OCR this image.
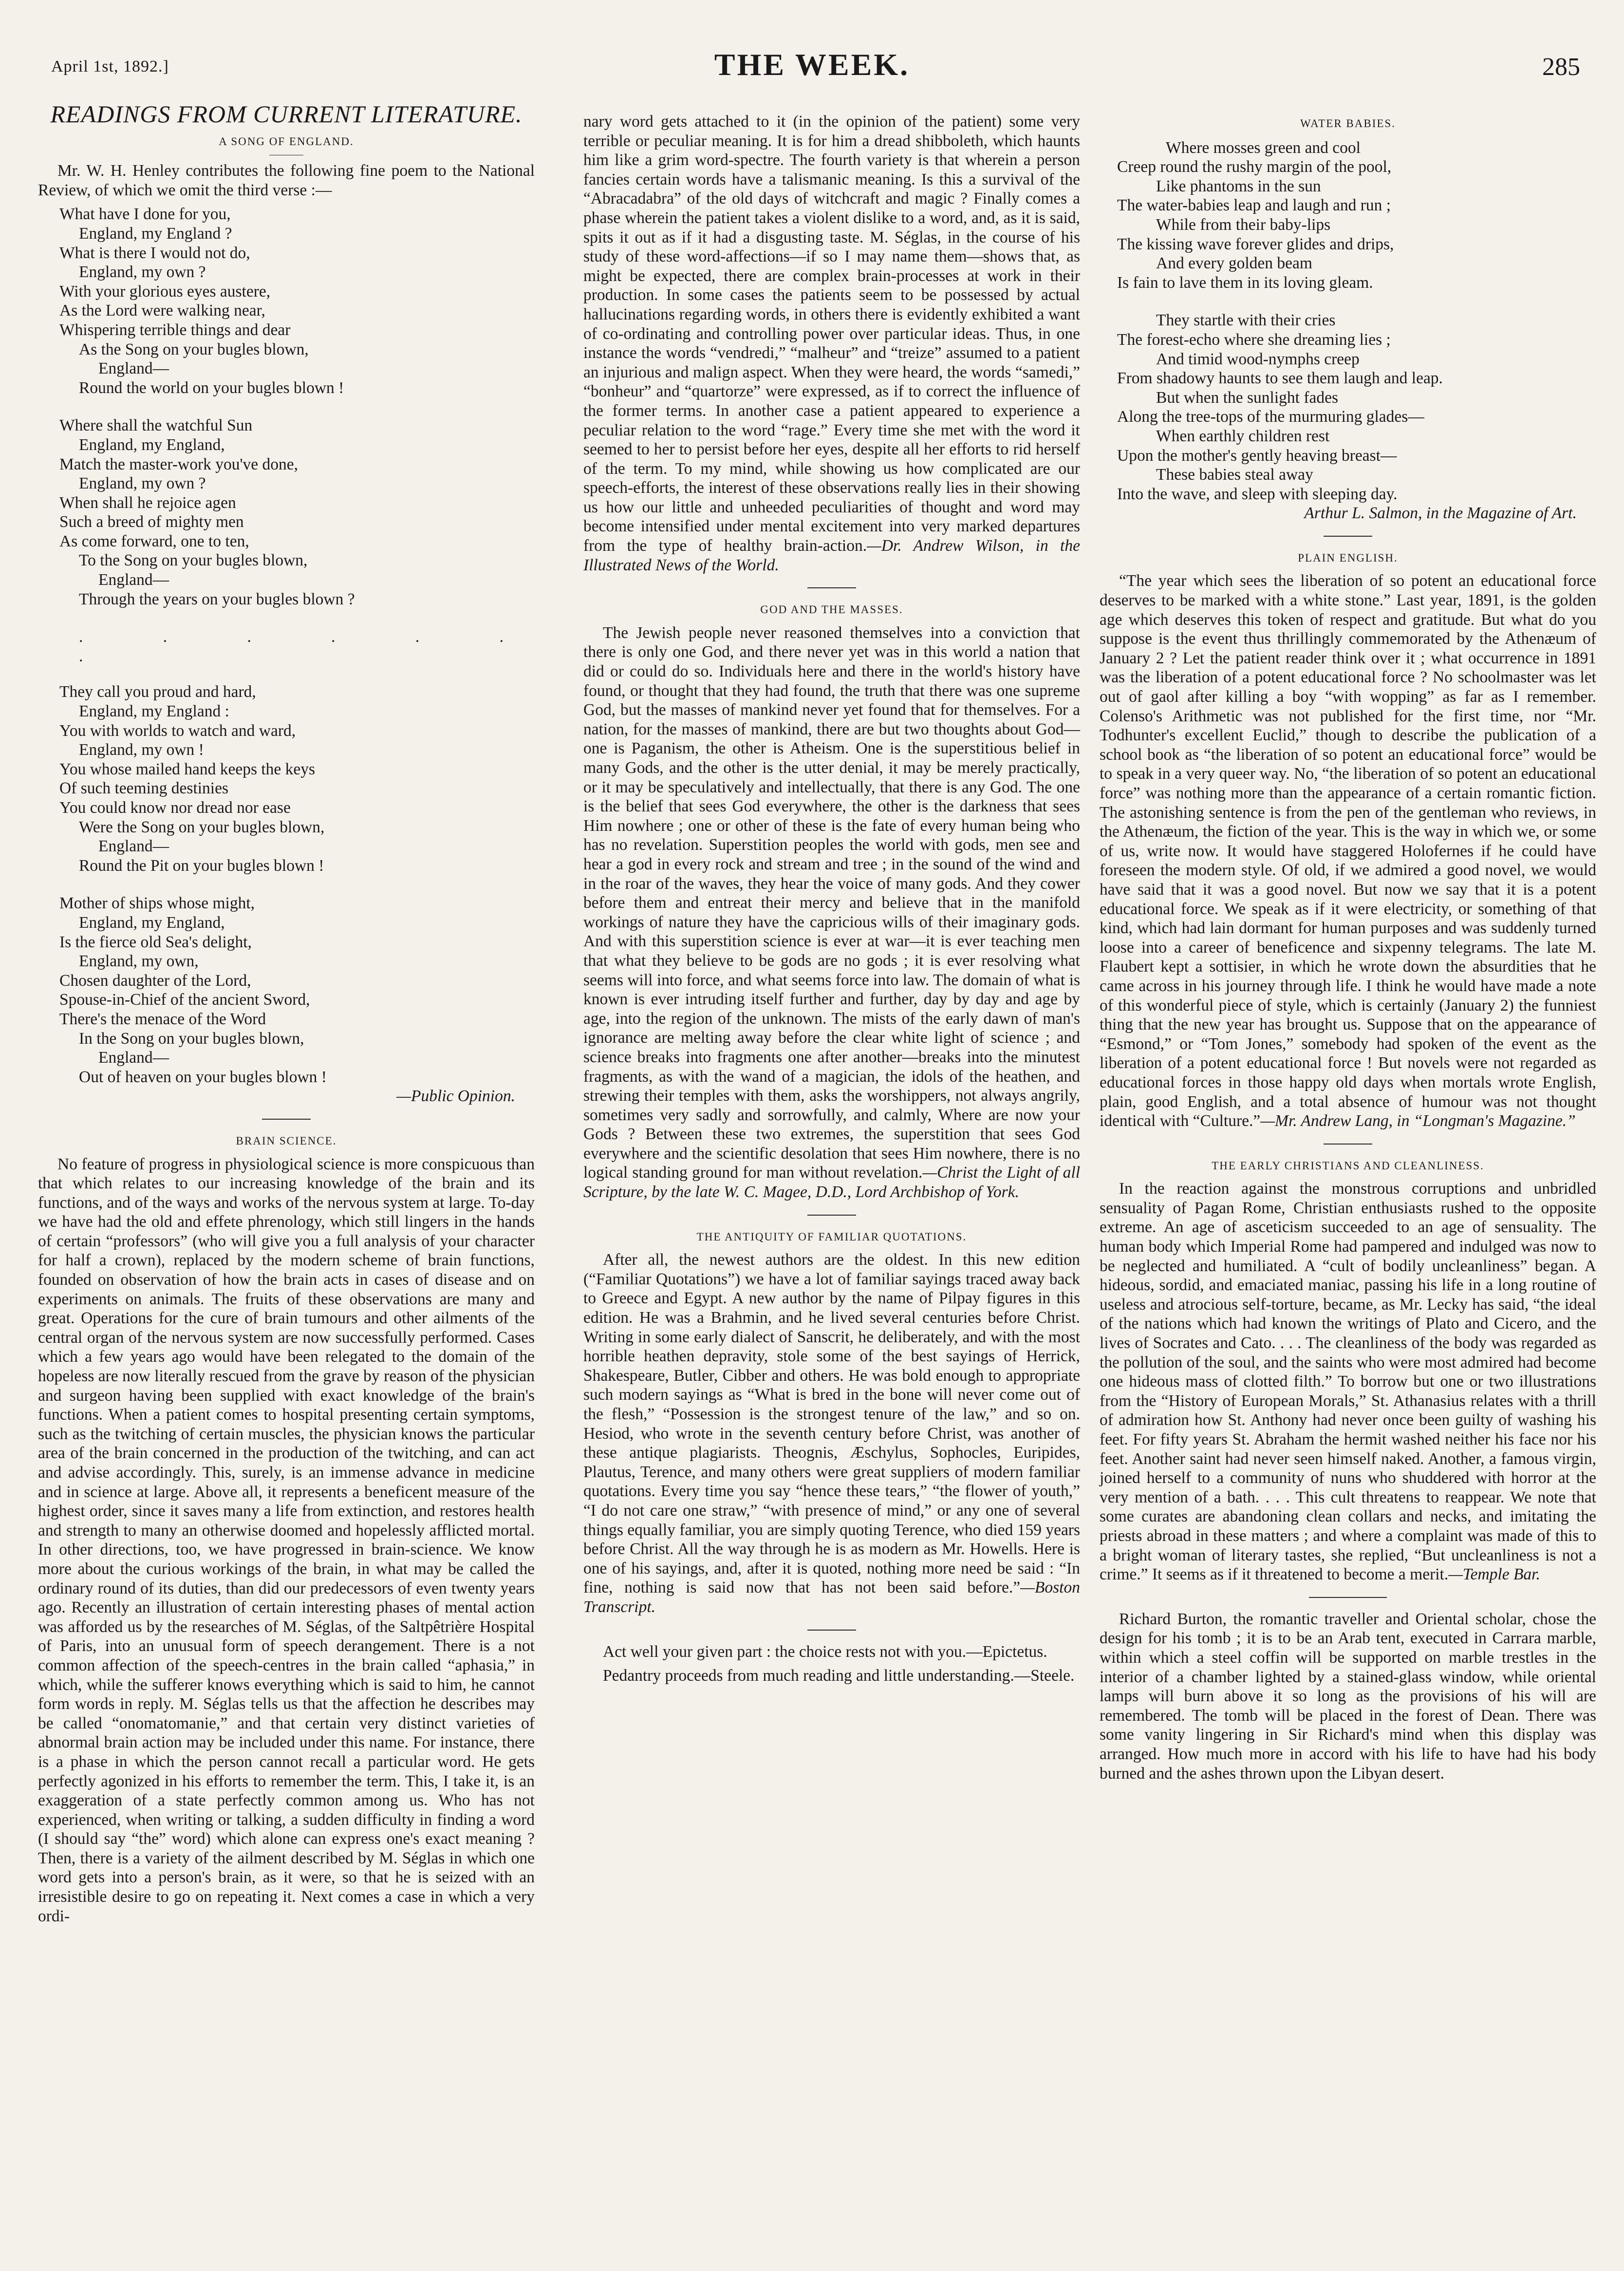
April 1st, 1892.]	THE WEEK.	285
READINGS FROM CURRENT LITERATURE.
A SONG OF ENGLAND.

Mr. W. H. Henley contributes the following fine poem to the National Review, of which we omit the third verse :—

What have I done for you,
England, my England ?
What is there I would not do,
England, my own ?
With your glorious eyes austere,
As the Lord were walking near,
Whispering terrible things and dear
As the Song on your bugles blown,
England—
Round the world on your bugles blown !
Where shall the watchful Sun
England, my England,
Match the master-work you've done,
England, my own ?
When shall he rejoice agen
Such a breed of mighty men
As come forward, one to ten,
To the Song on your bugles blown,
England—
Through the years on your bugles blown ?
. . . . . . .
They call you proud and hard,
England, my England :
You with worlds to watch and ward,
England, my own !
You whose mailed hand keeps the keys
Of such teeming destinies
You could know nor dread nor ease
Were the Song on your bugles blown,
England—
Round the Pit on your bugles blown !
Mother of ships whose might,
England, my England,
Is the fierce old Sea's delight,
England, my own,
Chosen daughter of the Lord,
Spouse-in-Chief of the ancient Sword,
There's the menace of the Word
In the Song on your bugles blown,
England—
Out of heaven on your bugles blown !
—Public Opinion.
BRAIN SCIENCE.

No feature of progress in physiological science is more conspicuous than that which relates to our increasing knowledge of the brain and its functions, and of the ways and works of the nervous system at large. To-day we have had the old and effete phrenology, which still lingers in the hands of certain “professors” (who will give you a full analysis of your character for half a crown), replaced by the modern scheme of brain functions, founded on observation of how the brain acts in cases of disease and on experiments on animals. The fruits of these observations are many and great. Operations for the cure of brain tumours and other ailments of the central organ of the nervous system are now successfully performed. Cases which a few years ago would have been relegated to the domain of the hopeless are now literally rescued from the grave by reason of the physician and surgeon having been supplied with exact knowledge of the brain's functions. When a patient comes to hospital presenting certain symptoms, such as the twitching of certain muscles, the physician knows the particular area of the brain concerned in the production of the twitching, and can act and advise accordingly. This, surely, is an immense advance in medicine and in science at large. Above all, it represents a beneficent measure of the highest order, since it saves many a life from extinction, and restores health and strength to many an otherwise doomed and hopelessly afflicted mortal. In other directions, too, we have progressed in brain-science. We know more about the curious workings of the brain, in what may be called the ordinary round of its duties, than did our predecessors of even twenty years ago. Recently an illustration of certain interesting phases of mental action was afforded us by the researches of M. Séglas, of the Saltpêtrière Hospital of Paris, into an unusual form of speech derangement. There is a not common affection of the speech-centres in the brain called “aphasia,” in which, while the sufferer knows everything which is said to him, he cannot form words in reply. M. Séglas tells us that the affection he describes may be called “onomatomanie,” and that certain very distinct varieties of abnormal brain action may be included under this name. For instance, there is a phase in which the person cannot recall a particular word. He gets perfectly agonized in his efforts to remember the term. This, I take it, is an exaggeration of a state perfectly common among us. Who has not experienced, when writing or talking, a sudden difficulty in finding a word (I should say “the” word) which alone can express one's exact meaning ? Then, there is a variety of the ailment described by M. Séglas in which one word gets into a person's brain, as it were, so that he is seized with an irresistible desire to go on repeating it. Next comes a case in which a very ordi-

nary word gets attached to it (in the opinion of the patient) some very terrible or peculiar meaning. It is for him a dread shibboleth, which haunts him like a grim word-spectre. The fourth variety is that wherein a person fancies certain words have a talismanic meaning. Is this a survival of the “Abracadabra” of the old days of witchcraft and magic ? Finally comes a phase wherein the patient takes a violent dislike to a word, and, as it is said, spits it out as if it had a disgusting taste. M. Séglas, in the course of his study of these word-affections—if so I may name them—shows that, as might be expected, there are complex brain-processes at work in their production. In some cases the patients seem to be possessed by actual hallucinations regarding words, in others there is evidently exhibited a want of co-ordinating and controlling power over particular ideas. Thus, in one instance the words “vendredi,” “malheur” and “treize” assumed to a patient an injurious and malign aspect. When they were heard, the words “samedi,” “bonheur” and “quartorze” were expressed, as if to correct the influence of the former terms. In another case a patient appeared to experience a peculiar relation to the word “rage.” Every time she met with the word it seemed to her to persist before her eyes, despite all her efforts to rid herself of the term. To my mind, while showing us how complicated are our speech-efforts, the interest of these observations really lies in their showing us how our little and unheeded peculiarities of thought and word may become intensified under mental excitement into very marked departures from the type of healthy brain-action.—Dr. Andrew Wilson, in the Illustrated News of the World.

GOD AND THE MASSES.

The Jewish people never reasoned themselves into a conviction that there is only one God, and there never yet was in this world a nation that did or could do so. Individuals here and there in the world's history have found, or thought that they had found, the truth that there was one supreme God, but the masses of mankind never yet found that for themselves. For a nation, for the masses of mankind, there are but two thoughts about God—one is Paganism, the other is Atheism. One is the superstitious belief in many Gods, and the other is the utter denial, it may be merely practically, or it may be speculatively and intellectually, that there is any God. The one is the belief that sees God everywhere, the other is the darkness that sees Him nowhere ; one or other of these is the fate of every human being who has no revelation. Superstition peoples the world with gods, men see and hear a god in every rock and stream and tree ; in the sound of the wind and in the roar of the waves, they hear the voice of many gods. And they cower before them and entreat their mercy and believe that in the manifold workings of nature they have the capricious wills of their imaginary gods. And with this superstition science is ever at war—it is ever teaching men that what they believe to be gods are no gods ; it is ever resolving what seems will into force, and what seems force into law. The domain of what is known is ever intruding itself further and further, day by day and age by age, into the region of the unknown. The mists of the early dawn of man's ignorance are melting away before the clear white light of science ; and science breaks into fragments one after another—breaks into the minutest fragments, as with the wand of a magician, the idols of the heathen, and strewing their temples with them, asks the worshippers, not always angrily, sometimes very sadly and sorrowfully, and calmly, Where are now your Gods ? Between these two extremes, the superstition that sees God everywhere and the scientific desolation that sees Him nowhere, there is no logical standing ground for man without revelation.—Christ the Light of all Scripture, by the late W. C. Magee, D.D., Lord Archbishop of York.

THE ANTIQUITY OF FAMILIAR QUOTATIONS.

After all, the newest authors are the oldest. In this new edition (“Familiar Quotations”) we have a lot of familiar sayings traced away back to Greece and Egypt. A new author by the name of Pilpay figures in this edition. He was a Brahmin, and he lived several centuries before Christ. Writing in some early dialect of Sanscrit, he deliberately, and with the most horrible heathen depravity, stole some of the best sayings of Herrick, Shakespeare, Butler, Cibber and others. He was bold enough to appropriate such modern sayings as “What is bred in the bone will never come out of the flesh,” “Possession is the strongest tenure of the law,” and so on. Hesiod, who wrote in the seventh century before Christ, was another of these antique plagiarists. Theognis, Æschylus, Sophocles, Euripides, Plautus, Terence, and many others were great suppliers of modern familiar quotations. Every time you say “hence these tears,” “the flower of youth,” “I do not care one straw,” “with presence of mind,” or any one of several things equally familiar, you are simply quoting Terence, who died 159 years before Christ. All the way through he is as modern as Mr. Howells. Here is one of his sayings, and, after it is quoted, nothing more need be said : “In fine, nothing is said now that has not been said before.”—Boston Transcript.

Act well your given part : the choice rests not with you.—Epictetus.

Pedantry proceeds from much reading and little understanding.—Steele.

WATER BABIES.
Where mosses green and cool
Creep round the rushy margin of the pool,
Like phantoms in the sun
The water-babies leap and laugh and run ;
While from their baby-lips
The kissing wave forever glides and drips,
And every golden beam
Is fain to lave them in its loving gleam.
They startle with their cries
The forest-echo where she dreaming lies ;
And timid wood-nymphs creep
From shadowy haunts to see them laugh and leap.
But when the sunlight fades
Along the tree-tops of the murmuring glades—
When earthly children rest
Upon the mother's gently heaving breast—
These babies steal away
Into the wave, and sleep with sleeping day.
Arthur L. Salmon, in the Magazine of Art.
PLAIN ENGLISH.

“The year which sees the liberation of so potent an educational force deserves to be marked with a white stone.” Last year, 1891, is the golden age which deserves this token of respect and gratitude. But what do you suppose is the event thus thrillingly commemorated by the Athenæum of January 2 ? Let the patient reader think over it ; what occurrence in 1891 was the liberation of a potent educational force ? No schoolmaster was let out of gaol after killing a boy “with wopping” as far as I remember. Colenso's Arithmetic was not published for the first time, nor “Mr. Todhunter's excellent Euclid,” though to describe the publication of a school book as “the liberation of so potent an educational force” would be to speak in a very queer way. No, “the liberation of so potent an educational force” was nothing more than the appearance of a certain romantic fiction. The astonishing sentence is from the pen of the gentleman who reviews, in the Athenæum, the fiction of the year. This is the way in which we, or some of us, write now. It would have staggered Holofernes if he could have foreseen the modern style. Of old, if we admired a good novel, we would have said that it was a good novel. But now we say that it is a potent educational force. We speak as if it were electricity, or something of that kind, which had lain dormant for human purposes and was suddenly turned loose into a career of beneficence and sixpenny telegrams. The late M. Flaubert kept a sottisier, in which he wrote down the absurdities that he came across in his journey through life. I think he would have made a note of this wonderful piece of style, which is certainly (January 2) the funniest thing that the new year has brought us. Suppose that on the appearance of “Esmond,” or “Tom Jones,” somebody had spoken of the event as the liberation of a potent educational force ! But novels were not regarded as educational forces in those happy old days when mortals wrote English, plain, good English, and a total absence of humour was not thought identical with “Culture.”—Mr. Andrew Lang, in “Longman's Magazine.”

THE EARLY CHRISTIANS AND CLEANLINESS.

In the reaction against the monstrous corruptions and unbridled sensuality of Pagan Rome, Christian enthusiasts rushed to the opposite extreme. An age of asceticism succeeded to an age of sensuality. The human body which Imperial Rome had pampered and indulged was now to be neglected and humiliated. A “cult of bodily uncleanliness” began. A hideous, sordid, and emaciated maniac, passing his life in a long routine of useless and atrocious self-torture, became, as Mr. Lecky has said, “the ideal of the nations which had known the writings of Plato and Cicero, and the lives of Socrates and Cato. . . . The cleanliness of the body was regarded as the pollution of the soul, and the saints who were most admired had become one hideous mass of clotted filth.” To borrow but one or two illustrations from the “History of European Morals,” St. Athanasius relates with a thrill of admiration how St. Anthony had never once been guilty of washing his feet. For fifty years St. Abraham the hermit washed neither his face nor his feet. Another saint had never seen himself naked. Another, a famous virgin, joined herself to a community of nuns who shuddered with horror at the very mention of a bath. . . . This cult threatens to reappear. We note that some curates are abandoning clean collars and necks, and imitating the priests abroad in these matters ; and where a complaint was made of this to a bright woman of literary tastes, she replied, “But uncleanliness is not a crime.” It seems as if it threatened to become a merit.—Temple Bar.

Richard Burton, the romantic traveller and Oriental scholar, chose the design for his tomb ; it is to be an Arab tent, executed in Carrara marble, within which a steel coffin will be supported on marble trestles in the interior of a chamber lighted by a stained-glass window, while oriental lamps will burn above it so long as the provisions of his will are remembered. The tomb will be placed in the forest of Dean. There was some vanity lingering in Sir Richard's mind when this display was arranged. How much more in accord with his life to have had his body burned and the ashes thrown upon the Libyan desert.
